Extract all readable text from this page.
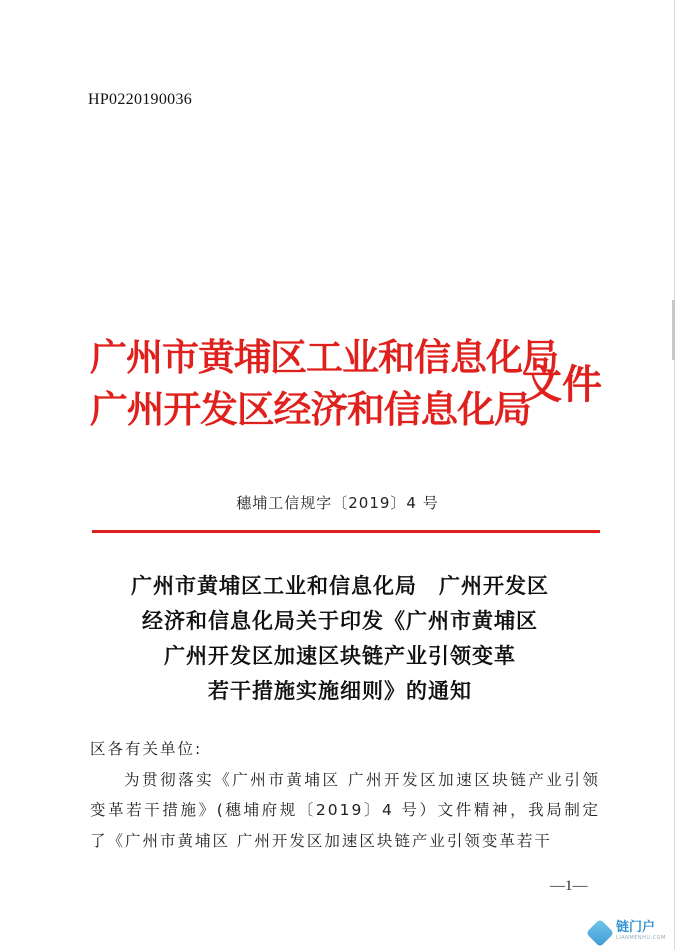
HP0220190036
广州市黄埔区工业和信息化局
广州开发区经济和信息化局
文件
穗埔工信规字〔2019〕4 号
广州市黄埔区工业和信息化局　广州开发区
经济和信息化局关于印发《广州市黄埔区
广州开发区加速区块链产业引领变革
若干措施实施细则》的通知

区各有关单位:

为贯彻落实《广州市黄埔区 广州开发区加速区块链产业引领变革若干措施》(穗埔府规〔2019〕4 号）文件精神，我局制定了《广州市黄埔区 广州开发区加速区块链产业引领变革若干

—1—
链门户
LIANMENHU.COM
